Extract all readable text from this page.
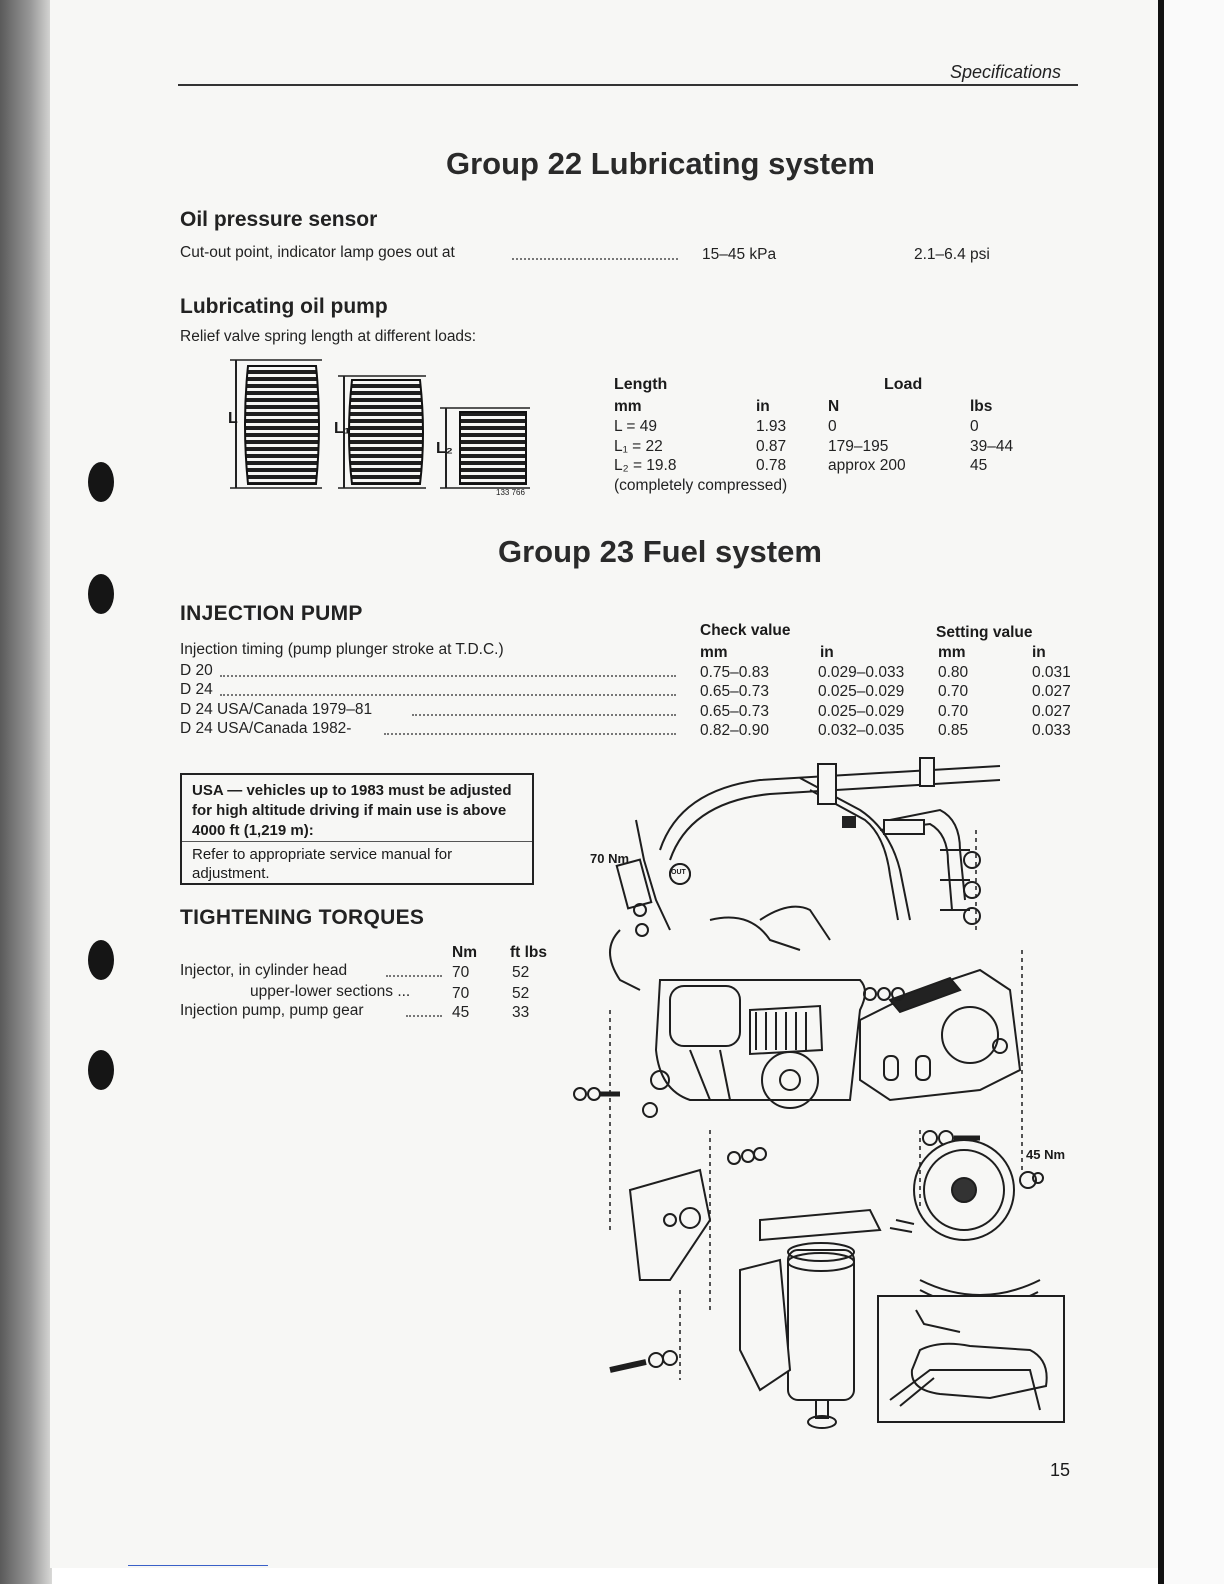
Specifications
Group 22 Lubricating system
Oil pressure sensor
Cut-out point, indicator lamp goes out at	15–45 kPa	2.1–6.4 psi
Lubricating oil pump
Relief valve spring length at different loads:
L
L₁
L₂
133 766
Length	Load
mm	in	N	lbs
L = 49	1.93	0	0
L₁ = 22	0.87	179–195	39–44
L₂ = 19.8	0.78	approx 200	45
(completely compressed)
Group 23 Fuel system
INJECTION PUMP
Check value	Setting value
Injection timing (pump plunger stroke at T.D.C.)	mm	in	mm	in
D 20	0.75–0.83	0.029–0.033 0.80	0.031
D 24	0.65–0.73	0.025–0.029 0.70	0.027
D 24 USA/Canada 1979–81	0.65–0.73	0.025–0.029 0.70	0.027
D 24 USA/Canada 1982-	0.82–0.90	0.032–0.035 0.85	0.033
USA — vehicles up to 1983 must be adjusted for high altitude driving if main use is above 4000 ft (1,219 m):
Refer to appropriate service manual for adjustment.
TIGHTENING TORQUES
Nm ft lbs
Injector, in cylinder head	70	52
upper-lower sections ...	70	52
Injection pump, pump gear	45	33
70 Nm
45 Nm
OUT
15
